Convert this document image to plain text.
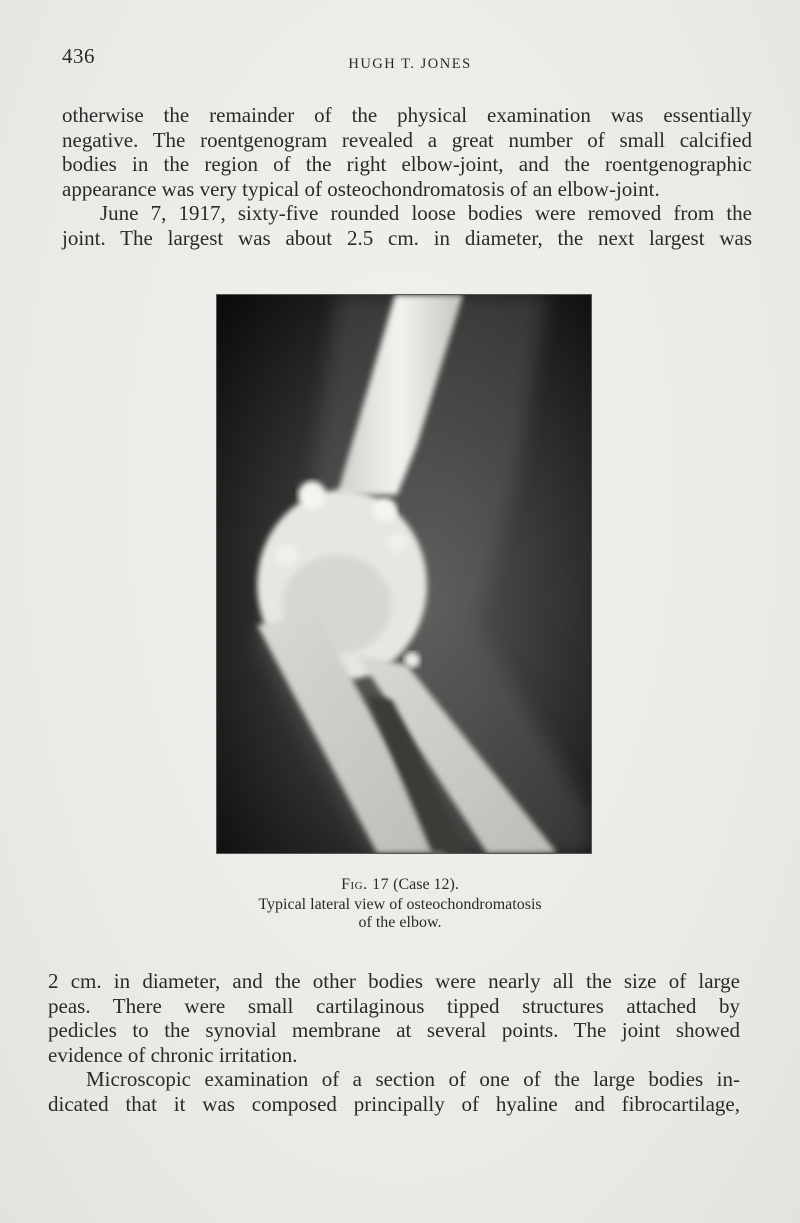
436	HUGH T. JONES

otherwise the remainder of the physical examination was essentially
negative. The roentgenogram revealed a great number of small calcified
bodies in the region of the right elbow-joint, and the roentgenographic
appearance was very typical of osteochondromatosis of an elbow-joint.

June 7, 1917, sixty-five rounded loose bodies were removed from the
joint. The largest was about 2.5 cm. in diameter, the next largest was

Fig. 17 (Case 12).
Typical lateral view of osteochondromatosis
of the elbow.

2 cm. in diameter, and the other bodies were nearly all the size of large
peas. There were small cartilaginous tipped structures attached by
pedicles to the synovial membrane at several points. The joint showed
evidence of chronic irritation.

Microscopic examination of a section of one of the large bodies in-
dicated that it was composed principally of hyaline and fibrocartilage,
